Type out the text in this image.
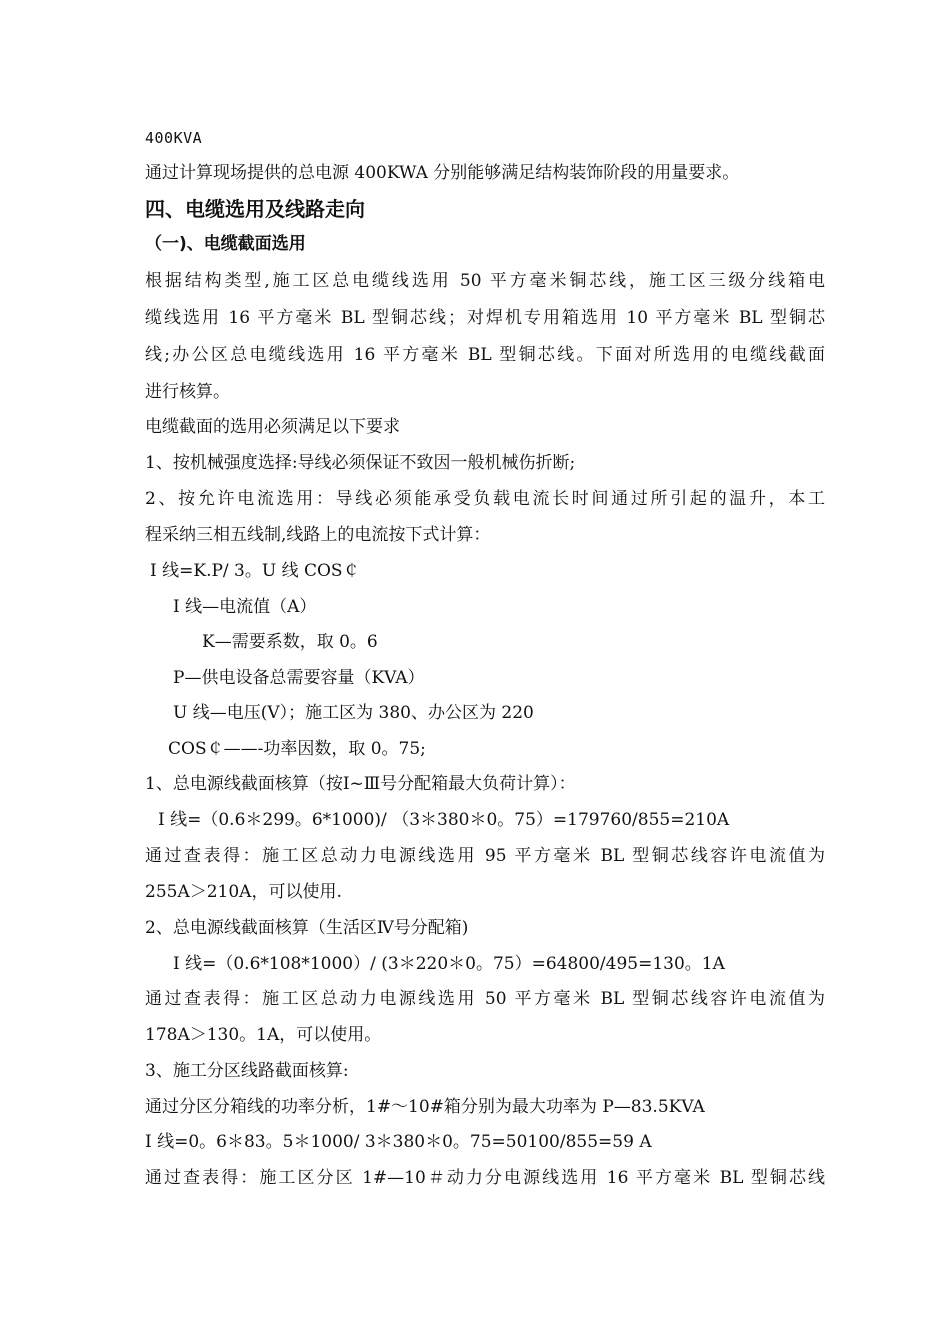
400KVA
通过计算现场提供的总电源 400KWA 分别能够满足结构装饰阶段的用量要求。
四、电缆选用及线路走向
（一)、电缆截面选用
根据结构类型,施工区总电缆线选用 50 平方毫米铜芯线，施工区三级分线箱电
缆线选用 16 平方毫米 BL 型铜芯线；对焊机专用箱选用 10 平方毫米 BL 型铜芯
线;办公区总电缆线选用 16 平方毫米 BL 型铜芯线。下面对所选用的电缆线截面
进行核算。
电缆截面的选用必须满足以下要求
1、按机械强度选择:导线必须保证不致因一般机械伤折断;
2、按允许电流选用：导线必须能承受负载电流长时间通过所引起的温升，本工
程采纳三相五线制,线路上的电流按下式计算：
I 线=K.P/ 3。U 线 COS￠
I 线—电流值（A）
K—需要系数，取 0。6
P—供电设备总需要容量（KVA）
U 线—电压(V）；施工区为 380、办公区为 220
COS￠——-功率因数，取 0。75;
1、总电源线截面核算（按Ⅰ~Ⅲ号分配箱最大负荷计算）：
I 线=（0.6＊299。6*1000)/ （3＊380＊0。75）=179760/855=210A
通过查表得：施工区总动力电源线选用 95 平方毫米 BL 型铜芯线容许电流值为
255A＞210A，可以使用.
2、总电源线截面核算（生活区Ⅳ号分配箱)
I 线=（0.6*108*1000）/ (3＊220＊0。75）=64800/495=130。1A
通过查表得：施工区总动力电源线选用 50 平方毫米 BL 型铜芯线容许电流值为
178A＞130。1A，可以使用。
3、施工分区线路截面核算:
通过分区分箱线的功率分析，1#～10#箱分别为最大功率为 P—83.5KVA
I 线=0。6＊83。5＊1000/ 3＊380＊0。75=50100/855=59 A
通过查表得：施工区分区 1#—10＃动力分电源线选用 16 平方毫米 BL 型铜芯线
